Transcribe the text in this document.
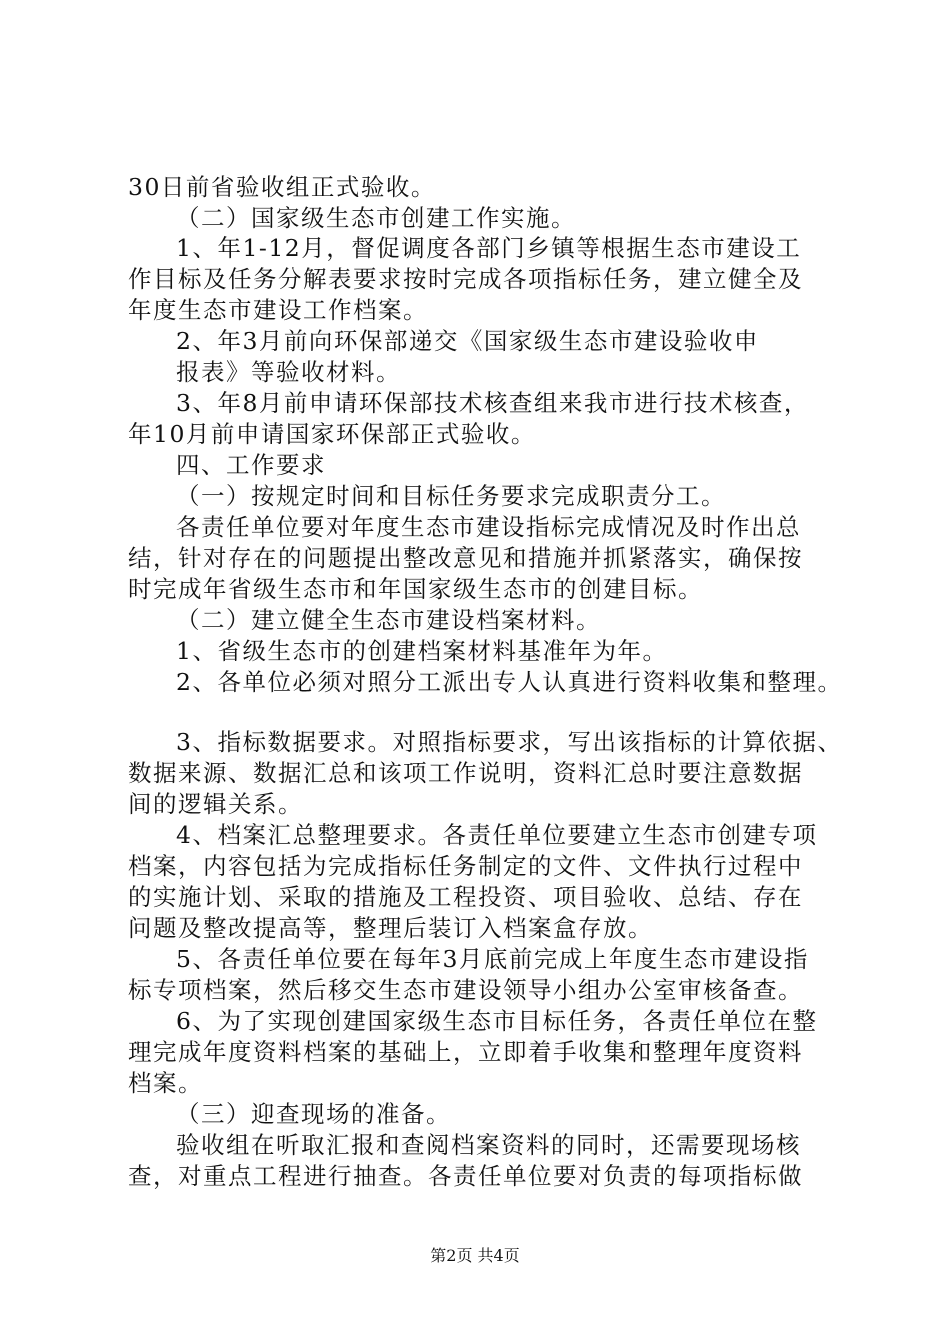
30日前省验收组正式验收。
（二）国家级生态市创建工作实施。
1、年1-12月，督促调度各部门乡镇等根据生态市建设工
作目标及任务分解表要求按时完成各项指标任务，建立健全及
年度生态市建设工作档案。
2、年3月前向环保部递交《国家级生态市建设验收申
报表》等验收材料。
3、年8月前申请环保部技术核查组来我市进行技术核查，
年10月前申请国家环保部正式验收。
四、工作要求
（一）按规定时间和目标任务要求完成职责分工。
各责任单位要对年度生态市建设指标完成情况及时作出总
结，针对存在的问题提出整改意见和措施并抓紧落实，确保按
时完成年省级生态市和年国家级生态市的创建目标。
（二）建立健全生态市建设档案材料。
1、省级生态市的创建档案材料基准年为年。
2、各单位必须对照分工派出专人认真进行资料收集和整理。
3、指标数据要求。对照指标要求，写出该指标的计算依据、
数据来源、数据汇总和该项工作说明，资料汇总时要注意数据
间的逻辑关系。
4、档案汇总整理要求。各责任单位要建立生态市创建专项
档案，内容包括为完成指标任务制定的文件、文件执行过程中
的实施计划、采取的措施及工程投资、项目验收、总结、存在
问题及整改提高等，整理后装订入档案盒存放。
5、各责任单位要在每年3月底前完成上年度生态市建设指
标专项档案，然后移交生态市建设领导小组办公室审核备查。
6、为了实现创建国家级生态市目标任务，各责任单位在整
理完成年度资料档案的基础上，立即着手收集和整理年度资料
档案。
（三）迎查现场的准备。
验收组在听取汇报和查阅档案资料的同时，还需要现场核
查，对重点工程进行抽查。各责任单位要对负责的每项指标做
第2页 共4页
